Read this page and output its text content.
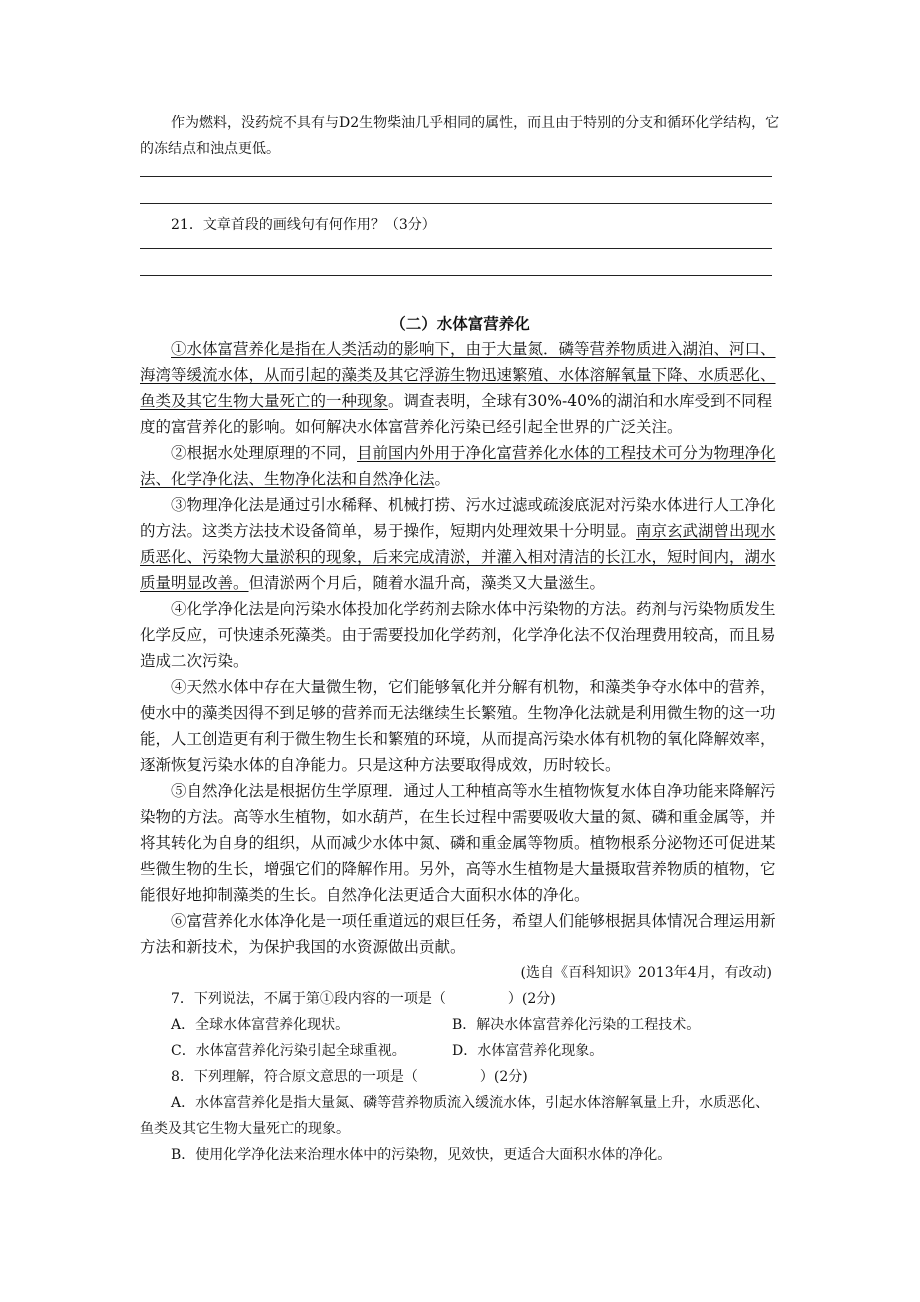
作为燃料，没药烷不具有与D2生物柴油几乎相同的属性，而且由于特别的分支和循环化学结构，它的冻结点和浊点更低。

21．文章首段的画线句有何作用？（3分）

（二）水体富营养化

①水体富营养化是指在人类活动的影响下，由于大量氮．磷等营养物质进入湖泊、河口、海湾等缓流水体，从而引起的藻类及其它浮游生物迅速繁殖、水体溶解氧量下降、水质恶化、鱼类及其它生物大量死亡的一种现象。调查表明，全球有30%-40%的湖泊和水库受到不同程度的富营养化的影响。如何解决水体富营养化污染已经引起全世界的广泛关注。

②根据水处理原理的不同，目前国内外用于净化富营养化水体的工程技术可分为物理净化法、化学净化法、生物净化法和自然净化法。

③物理净化法是通过引水稀释、机械打捞、污水过滤或疏浚底泥对污染水体进行人工净化的方法。这类方法技术设备简单，易于操作，短期内处理效果十分明显。南京玄武湖曾出现水质恶化、污染物大量淤积的现象，后来完成清淤，并灌入相对清洁的长江水，短时间内，湖水质量明显改善。但清淤两个月后，随着水温升高，藻类又大量滋生。

④化学净化法是向污染水体投加化学药剂去除水体中污染物的方法。药剂与污染物质发生化学反应，可快速杀死藻类。由于需要投加化学药剂，化学净化法不仅治理费用较高，而且易造成二次污染。

④天然水体中存在大量微生物，它们能够氧化并分解有机物，和藻类争夺水体中的营养，使水中的藻类因得不到足够的营养而无法继续生长繁殖。生物净化法就是利用微生物的这一功能，人工创造更有利于微生物生长和繁殖的环境，从而提高污染水体有机物的氧化降解效率，逐渐恢复污染水体的自净能力。只是这种方法要取得成效，历时较长。

⑤自然净化法是根据仿生学原理．通过人工种植高等水生植物恢复水体自净功能来降解污染物的方法。高等水生植物，如水葫芦，在生长过程中需要吸收大量的氮、磷和重金属等，并将其转化为自身的组织，从而减少水体中氮、磷和重金属等物质。植物根系分泌物还可促进某些微生物的生长，增强它们的降解作用。另外，高等水生植物是大量摄取营养物质的植物，它能很好地抑制藻类的生长。自然净化法更适合大面积水体的净化。

⑥富营养化水体净化是一项任重道远的艰巨任务，希望人们能够根据具体情况合理运用新方法和新技术，为保护我国的水资源做出贡献。

(选自《百科知识》2013年4月，有改动)

7．下列说法，不属于第①段内容的一项是（	）(2分)

A．全球水体富营养化现状。	B．解决水体富营养化污染的工程技术。
C．水体富营养化污染引起全球重视。	D．水体富营养化现象。

8．下列理解，符合原文意思的一项是（	）(2分)

A．水体富营养化是指大量氮、磷等营养物质流入缓流水体，引起水体溶解氧量上升，水质恶化、鱼类及其它生物大量死亡的现象。

B．使用化学净化法来治理水体中的污染物，见效快，更适合大面积水体的净化。
